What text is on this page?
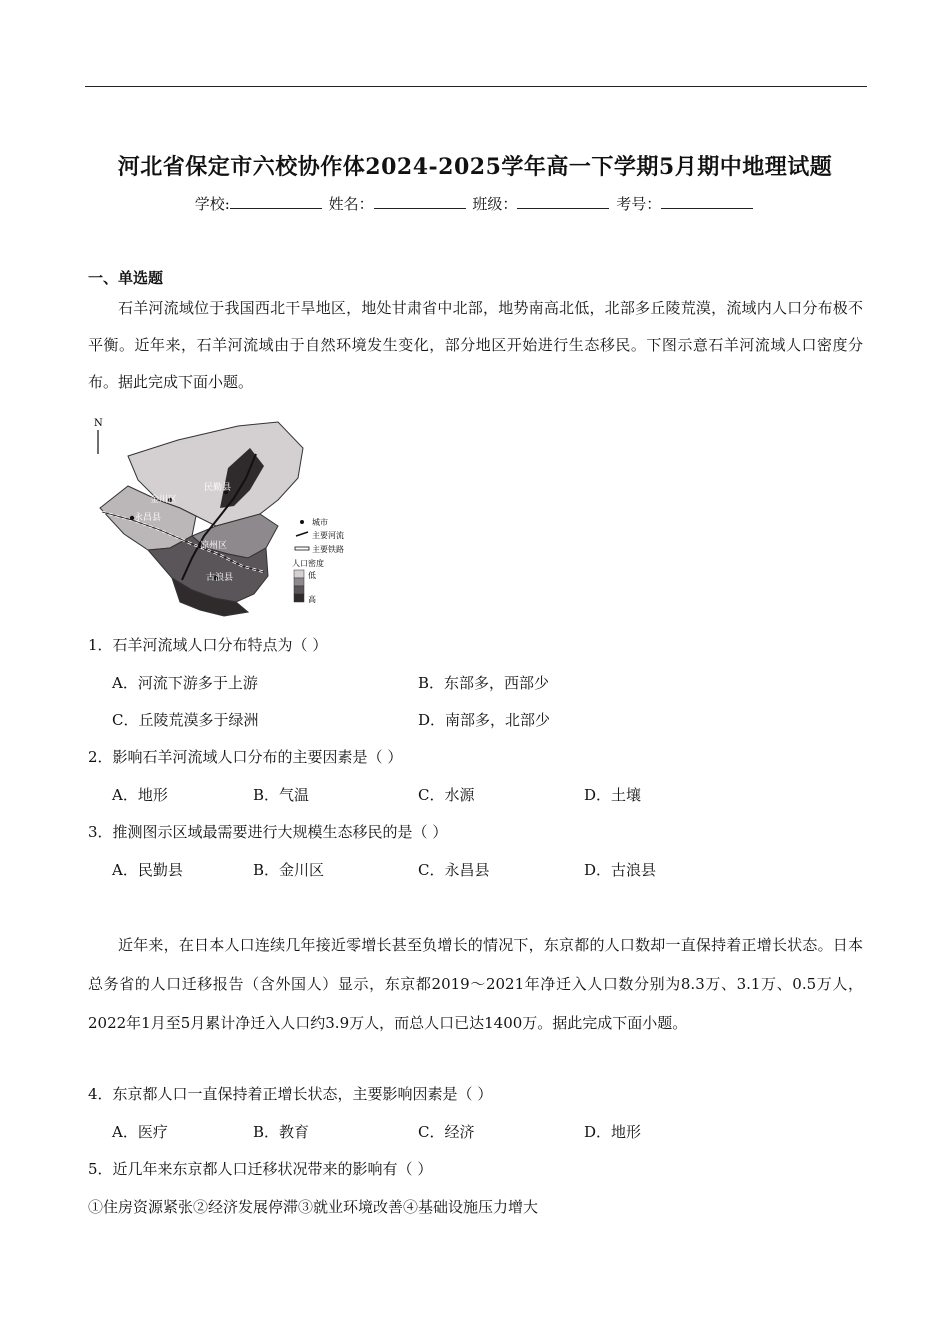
河北省保定市六校协作体2024-2025学年高一下学期5月期中地理试题
学校:	姓名：	班级：	考号：
一、单选题
石羊河流域位于我国西北干旱地区，地处甘肃省中北部，地势南高北低，北部多丘陵荒漠，流域内人口分布极不平衡。近年来，石羊河流域由于自然环境发生变化，部分地区开始进行生态移民。下图示意石羊河流域人口密度分布。据此完成下面小题。
N
民勤县
金川区
永昌县
凉州区
古浪县
城市
主要河流
主要铁路
人口密度
低
高
1．石羊河流域人口分布特点为（ ）
A．河流下游多于上游	B．东部多，西部少
C．丘陵荒漠多于绿洲	D．南部多，北部少
2．影响石羊河流域人口分布的主要因素是（ ）
A．地形	B．气温	C．水源	D．土壤
3．推测图示区域最需要进行大规模生态移民的是（ ）
A．民勤县	B．金川区	C．永昌县	D．古浪县
近年来，在日本人口连续几年接近零增长甚至负增长的情况下，东京都的人口数却一直保持着正增长状态。日本总务省的人口迁移报告（含外国人）显示，东京都2019～2021年净迁入人口数分别为8.3万、3.1万、0.5万人，2022年1月至5月累计净迁入人口约3.9万人，而总人口已达1400万。据此完成下面小题。
4．东京都人口一直保持着正增长状态，主要影响因素是（ ）
A．医疗	B．教育	C．经济	D．地形
5．近几年来东京都人口迁移状况带来的影响有（ ）
①住房资源紧张②经济发展停滞③就业环境改善④基础设施压力增大
